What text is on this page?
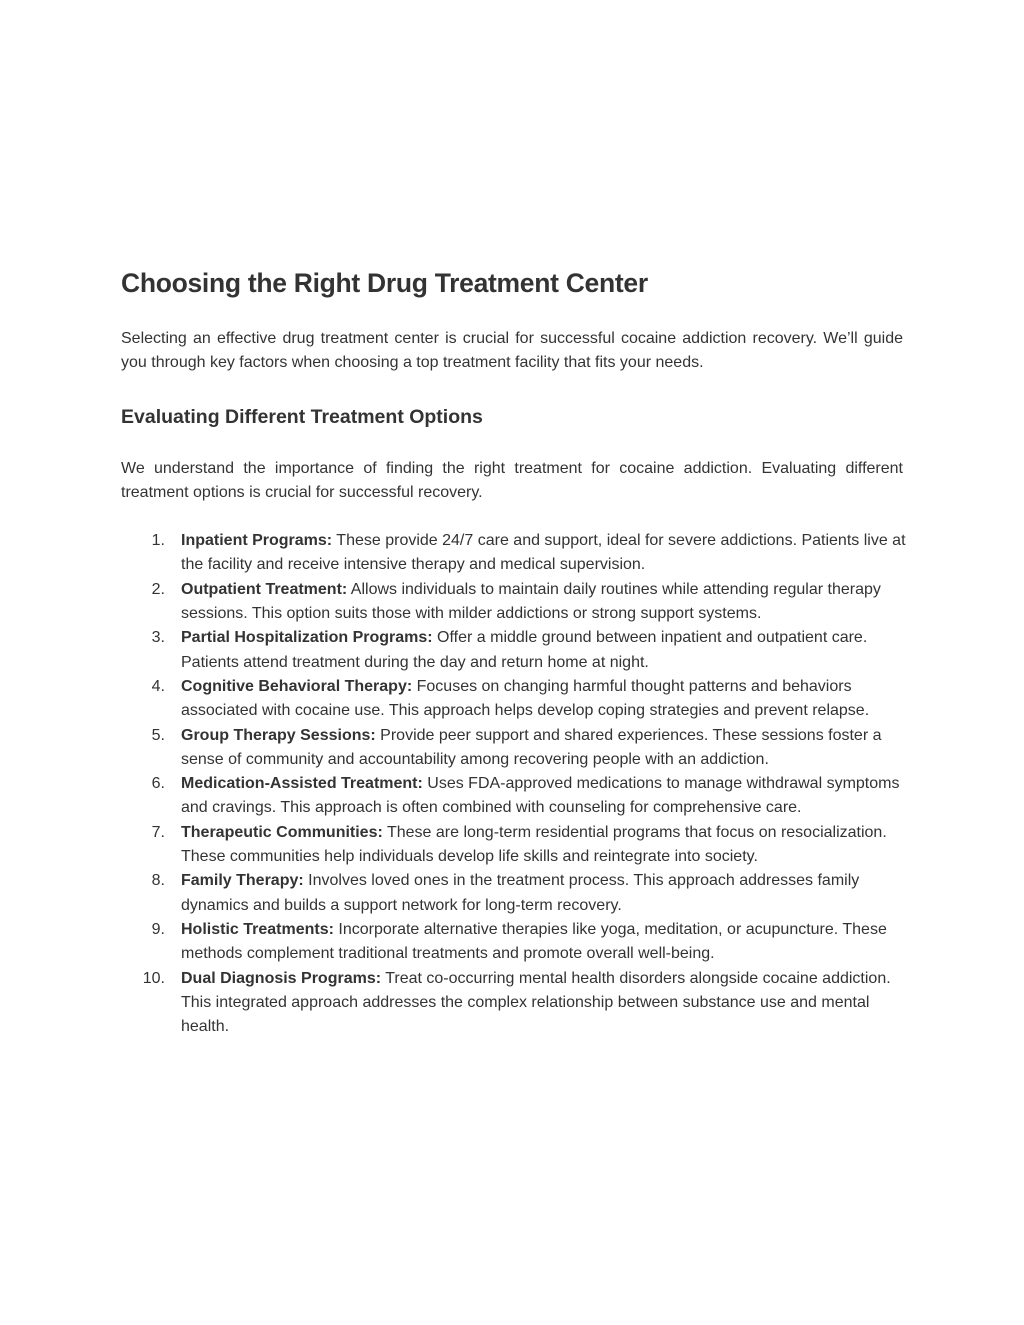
Choosing the Right Drug Treatment Center

Selecting an effective drug treatment center is crucial for successful cocaine addiction recovery. We’ll guide you through key factors when choosing a top treatment facility that fits your needs.

Evaluating Different Treatment Options

We understand the importance of finding the right treatment for cocaine addiction. Evaluating different treatment options is crucial for successful recovery.

1. Inpatient Programs: These provide 24/7 care and support, ideal for severe addictions. Patients live at the facility and receive intensive therapy and medical supervision.
2. Outpatient Treatment: Allows individuals to maintain daily routines while attending regular therapy sessions. This option suits those with milder addictions or strong support systems.
3. Partial Hospitalization Programs: Offer a middle ground between inpatient and outpatient care. Patients attend treatment during the day and return home at night.
4. Cognitive Behavioral Therapy: Focuses on changing harmful thought patterns and behaviors associated with cocaine use. This approach helps develop coping strategies and prevent relapse.
5. Group Therapy Sessions: Provide peer support and shared experiences. These sessions foster a sense of community and accountability among recovering people with an addiction.
6. Medication-Assisted Treatment: Uses FDA-approved medications to manage withdrawal symptoms and cravings. This approach is often combined with counseling for comprehensive care.
7. Therapeutic Communities: These are long-term residential programs that focus on resocialization. These communities help individuals develop life skills and reintegrate into society.
8. Family Therapy: Involves loved ones in the treatment process. This approach addresses family dynamics and builds a support network for long-term recovery.
9. Holistic Treatments: Incorporate alternative therapies like yoga, meditation, or acupuncture. These methods complement traditional treatments and promote overall well-being.
10. Dual Diagnosis Programs: Treat co-occurring mental health disorders alongside cocaine addiction. This integrated approach addresses the complex relationship between substance use and mental health.
